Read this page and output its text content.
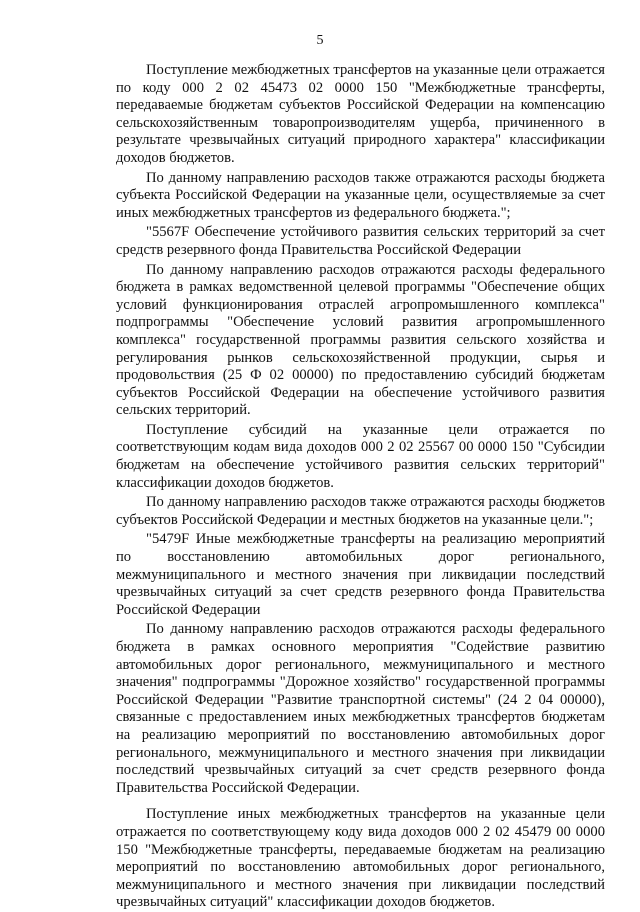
5

Поступление межбюджетных трансфертов на указанные цели отражается по коду 000 2 02 45473 02 0000 150 "Межбюджетные трансферты, передаваемые бюджетам субъектов Российской Федерации на компенсацию сельскохозяйственным товаропроизводителям ущерба, причиненного в результате чрезвычайных ситуаций природного характера" классификации доходов бюджетов.

По данному направлению расходов также отражаются расходы бюджета субъекта Российской Федерации на указанные цели, осуществляемые за счет иных межбюджетных трансфертов из федерального бюджета.";

"5567F Обеспечение устойчивого развития сельских территорий за счет средств резервного фонда Правительства Российской Федерации

По данному направлению расходов отражаются расходы федерального бюджета в рамках ведомственной целевой программы "Обеспечение общих условий функционирования отраслей агропромышленного комплекса" подпрограммы "Обеспечение условий развития агропромышленного комплекса" государственной программы развития сельского хозяйства и регулирования рынков сельскохозяйственной продукции, сырья и продовольствия (25 Ф 02 00000) по предоставлению субсидий бюджетам субъектов Российской Федерации на обеспечение устойчивого развития сельских территорий.

Поступление субсидий на указанные цели отражается по соответствующим кодам вида доходов 000 2 02 25567 00 0000 150 "Субсидии бюджетам на обеспечение устойчивого развития сельских территорий" классификации доходов бюджетов.

По данному направлению расходов также отражаются расходы бюджетов субъектов Российской Федерации и местных бюджетов на указанные цели.";

"5479F Иные межбюджетные трансферты на реализацию мероприятий по восстановлению автомобильных дорог регионального, межмуниципального и местного значения при ликвидации последствий чрезвычайных ситуаций за счет средств резервного фонда Правительства Российской Федерации

По данному направлению расходов отражаются расходы федерального бюджета в рамках основного мероприятия "Содействие развитию автомобильных дорог регионального, межмуниципального и местного значения" подпрограммы "Дорожное хозяйство" государственной программы Российской Федерации "Развитие транспортной системы" (24 2 04 00000), связанные с предоставлением иных межбюджетных трансфертов бюджетам на реализацию мероприятий по восстановлению автомобильных дорог регионального, межмуниципального и местного значения при ликвидации последствий чрезвычайных ситуаций за счет средств резервного фонда Правительства Российской Федерации.

Поступление иных межбюджетных трансфертов на указанные цели отражается по соответствующему коду вида доходов 000 2 02 45479 00 0000 150 "Межбюджетные трансферты, передаваемые бюджетам на реализацию мероприятий по восстановлению автомобильных дорог регионального, межмуниципального и местного значения при ликвидации последствий чрезвычайных ситуаций" классификации доходов бюджетов.
